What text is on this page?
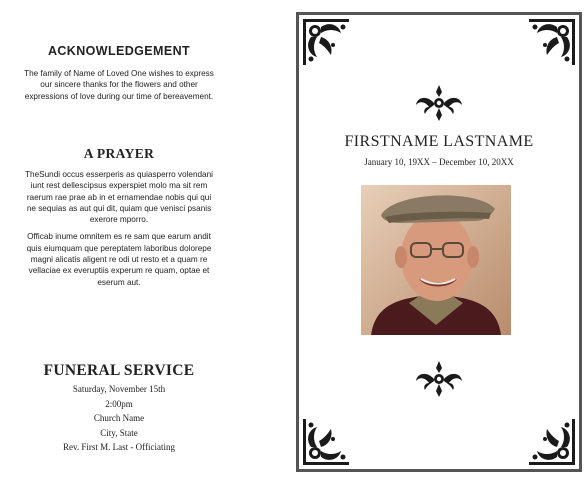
ACKNOWLEDGEMENT

The family of Name of Loved One wishes to express
our sincere thanks for the flowers and other
expressions of love during our time of bereavement.

A PRAYER

TheSundi occus esserperis as quiasperro volendani
iunt rest dellescipsus experspiet molo ma sit rem
raerum rae prae ab in et ernamendae nobis qui qui
ne sequias as aut qui dit, quiam que venisci psanis
exerore mporro.

Officab inume omnitem es re sam que earum andit
quis eiumquam que pereptatem laboribus dolorepe
magni alicatis aligent re odi ut resto et a quam re
vellaciae ex everuptiis experum re quam, optae et
eserum aut.

FUNERAL SERVICE
Saturday, November 15th
2:00pm
Church Name
City, State
Rev. First M. Last - Officiating
FIRSTNAME LASTNAME
January 10, 19XX – December 10, 20XX
